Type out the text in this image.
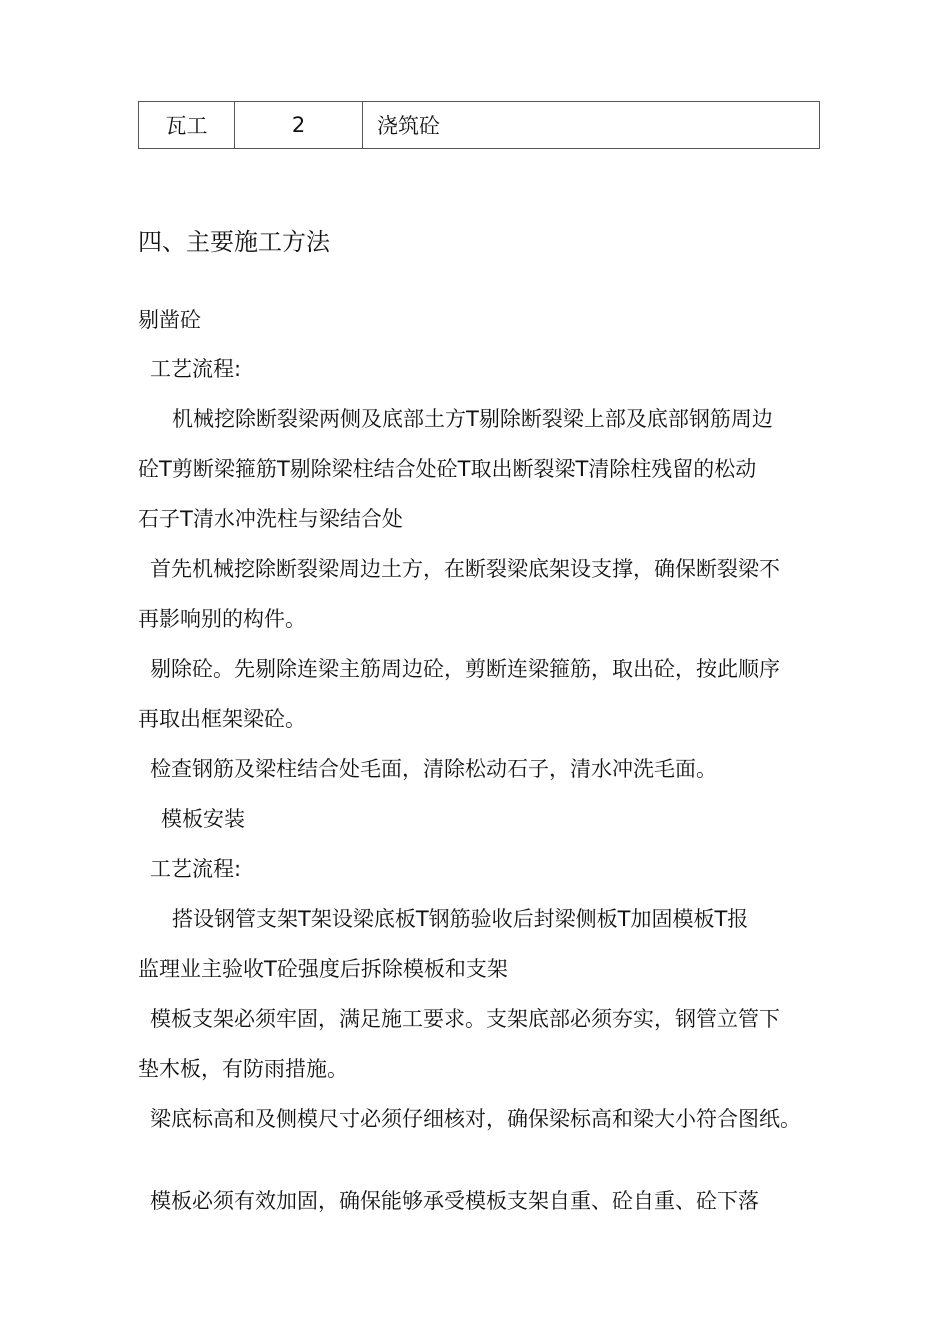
瓦工	2	浇筑砼
四、主要施工方法
剔凿砼
工艺流程:
机械挖除断裂梁两侧及底部土方T剔除断裂梁上部及底部钢筋周边
砼T剪断梁箍筋T剔除梁柱结合处砼T取出断裂梁T清除柱残留的松动
石子T清水冲洗柱与梁结合处
首先机械挖除断裂梁周边土方，在断裂梁底架设支撑，确保断裂梁不
再影响别的构件。
剔除砼。先剔除连梁主筋周边砼，剪断连梁箍筋，取出砼，按此顺序
再取出框架梁砼。
检查钢筋及梁柱结合处毛面，清除松动石子，清水冲洗毛面。
模板安装
工艺流程:
搭设钢管支架T架设梁底板T钢筋验收后封梁侧板T加固模板T报
监理业主验收T砼强度后拆除模板和支架
模板支架必须牢固，满足施工要求。支架底部必须夯实，钢管立管下
垫木板，有防雨措施。
梁底标高和及侧模尺寸必须仔细核对，确保梁标高和梁大小符合图纸。
模板必须有效加固，确保能够承受模板支架自重、砼自重、砼下落
